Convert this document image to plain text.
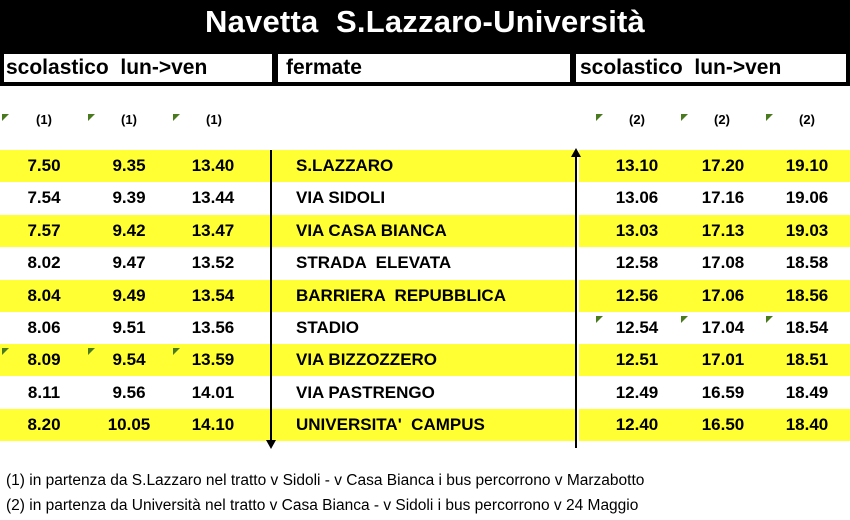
Navetta  S.Lazzaro-Università
scolastico  lun->ven	fermate	scolastico  lun->ven
(1)	(1)	(1)	(2)	(2)	(2)
7.50	9.35	13.40	S.LAZZARO	13.10	17.20	19.10
7.54	9.39	13.44	VIA SIDOLI	13.06	17.16	19.06
7.57	9.42	13.47	VIA CASA BIANCA	13.03	17.13	19.03
8.02	9.47	13.52	STRADA  ELEVATA	12.58	17.08	18.58
8.04	9.49	13.54	BARRIERA  REPUBBLICA	12.56	17.06	18.56
8.06	9.51	13.56	STADIO	12.54	17.04	18.54
8.09	9.54	13.59	VIA BIZZOZZERO	12.51	17.01	18.51
8.11	9.56	14.01	VIA PASTRENGO	12.49	16.59	18.49
8.20	10.05	14.10	UNIVERSITA'  CAMPUS	12.40	16.50	18.40
(1) in partenza da S.Lazzaro nel tratto v Sidoli - v Casa Bianca i bus percorrono v Marzabotto
(2) in partenza da Università nel tratto v Casa Bianca - v Sidoli i bus percorrono v 24 Maggio
